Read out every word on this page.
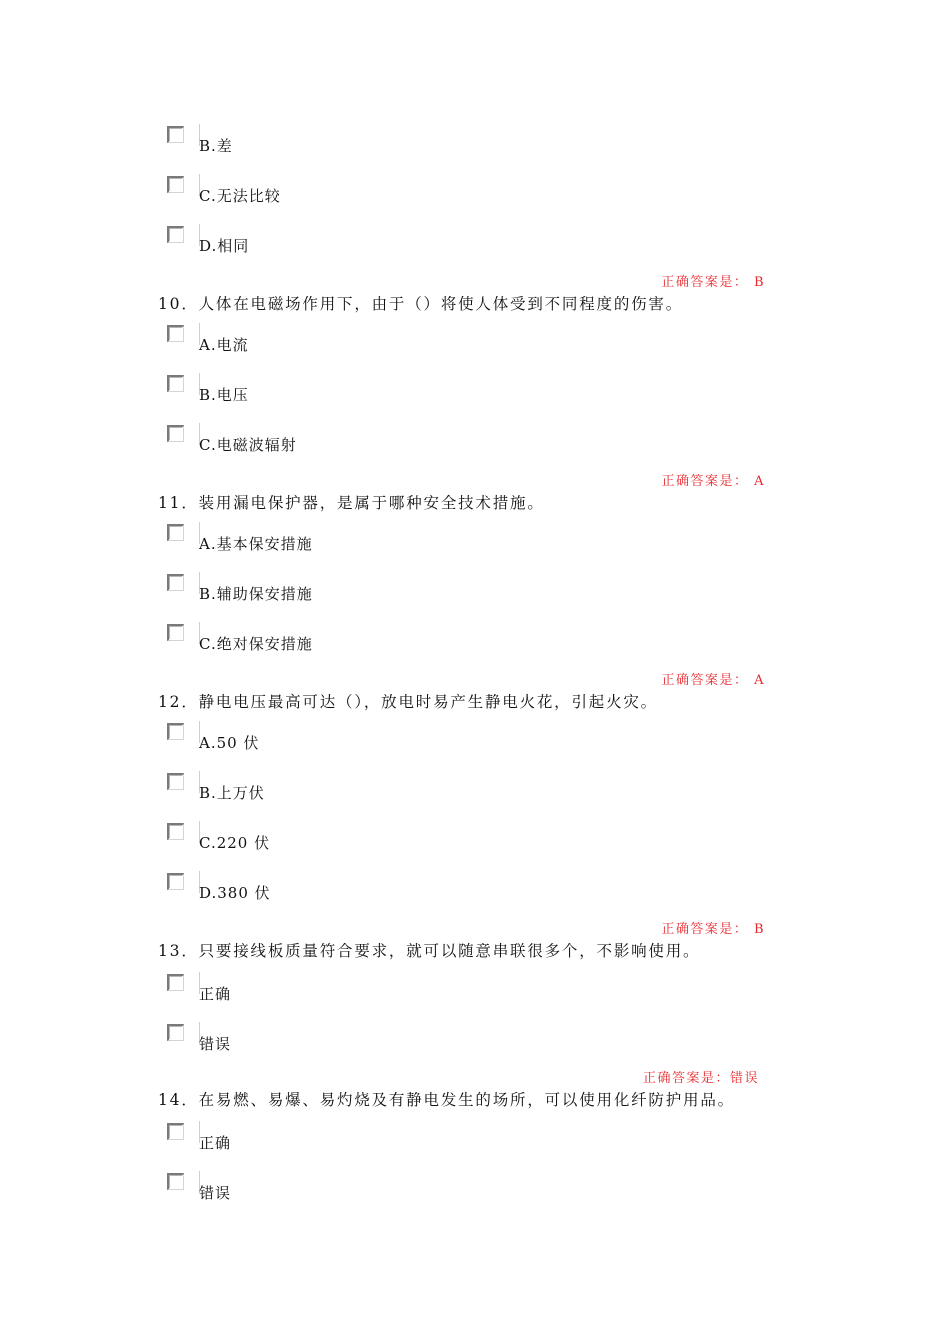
B.差
C.无法比较
D.相同
正确答案是： B
10．人体在电磁场作用下，由于（）将使人体受到不同程度的伤害。
A.电流
B.电压
C.电磁波辐射
正确答案是： A
11．装用漏电保护器，是属于哪种安全技术措施。
A.基本保安措施
B.辅助保安措施
C.绝对保安措施
正确答案是： A
12．静电电压最高可达（），放电时易产生静电火花，引起火灾。
A.50 伏
B.上万伏
C.220 伏
D.380 伏
正确答案是： B
13．只要接线板质量符合要求，就可以随意串联很多个，不影响使用。
正确
错误
正确答案是：错误
14．在易燃、易爆、易灼烧及有静电发生的场所，可以使用化纤防护用品。
正确
错误
